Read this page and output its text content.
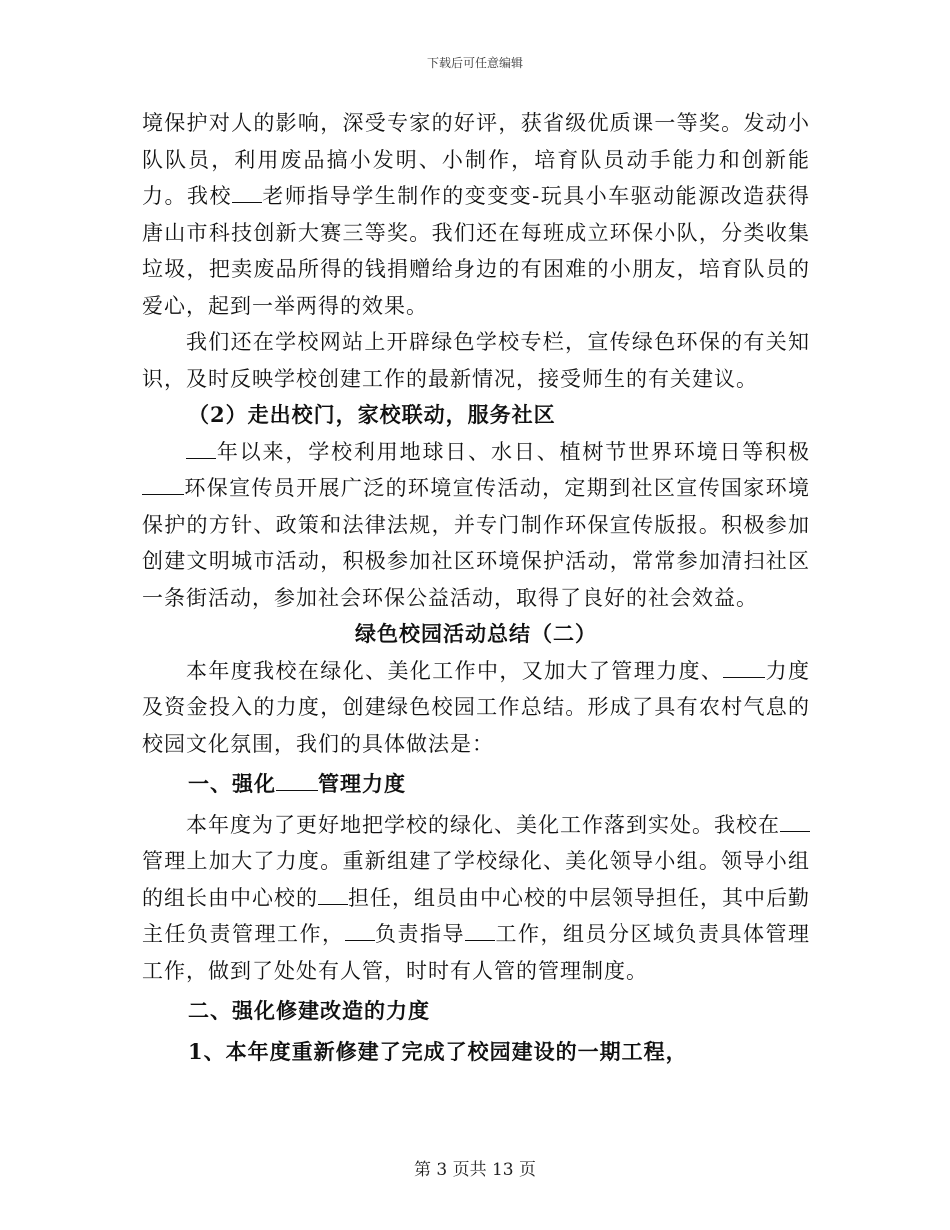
下载后可任意编辑

境保护对人的影响，深受专家的好评，获省级优质课一等奖。发动小队队员，利用废品搞小发明、小制作，培育队员动手能力和创新能力。我校 老师指导学生制作的变变变-玩具小车驱动能源改造获得唐山市科技创新大赛三等奖。我们还在每班成立环保小队，分类收集垃圾，把卖废品所得的钱捐赠给身边的有困难的小朋友，培育队员的爱心，起到一举两得的效果。

我们还在学校网站上开辟绿色学校专栏，宣传绿色环保的有关知识，及时反映学校创建工作的最新情况，接受师生的有关建议。

（2）走出校门，家校联动，服务社区

年以来，学校利用地球日、水日、植树节世界环境日等积极环保宣传员开展广泛的环境宣传活动，定期到社区宣传国家环境保护的方针、政策和法律法规，并专门制作环保宣传版报。积极参加创建文明城市活动，积极参加社区环境保护活动，常常参加清扫社区一条街活动，参加社会环保公益活动，取得了良好的社会效益。

绿色校园活动总结（二）

本年度我校在绿化、美化工作中，又加大了管理力度、 力度及资金投入的力度，创建绿色校园工作总结。形成了具有农村气息的校园文化氛围，我们的具体做法是：

一、强化 管理力度

本年度为了更好地把学校的绿化、美化工作落到实处。我校在管理上加大了力度。重新组建了学校绿化、美化领导小组。领导小组的组长由中心校的 担任，组员由中心校的中层领导担任，其中后勤主任负责管理工作， 负责指导 工作，组员分区域负责具体管理工作，做到了处处有人管，时时有人管的管理制度。

二、强化修建改造的力度

1、本年度重新修建了完成了校园建设的一期工程，

第 3 页共 13 页
